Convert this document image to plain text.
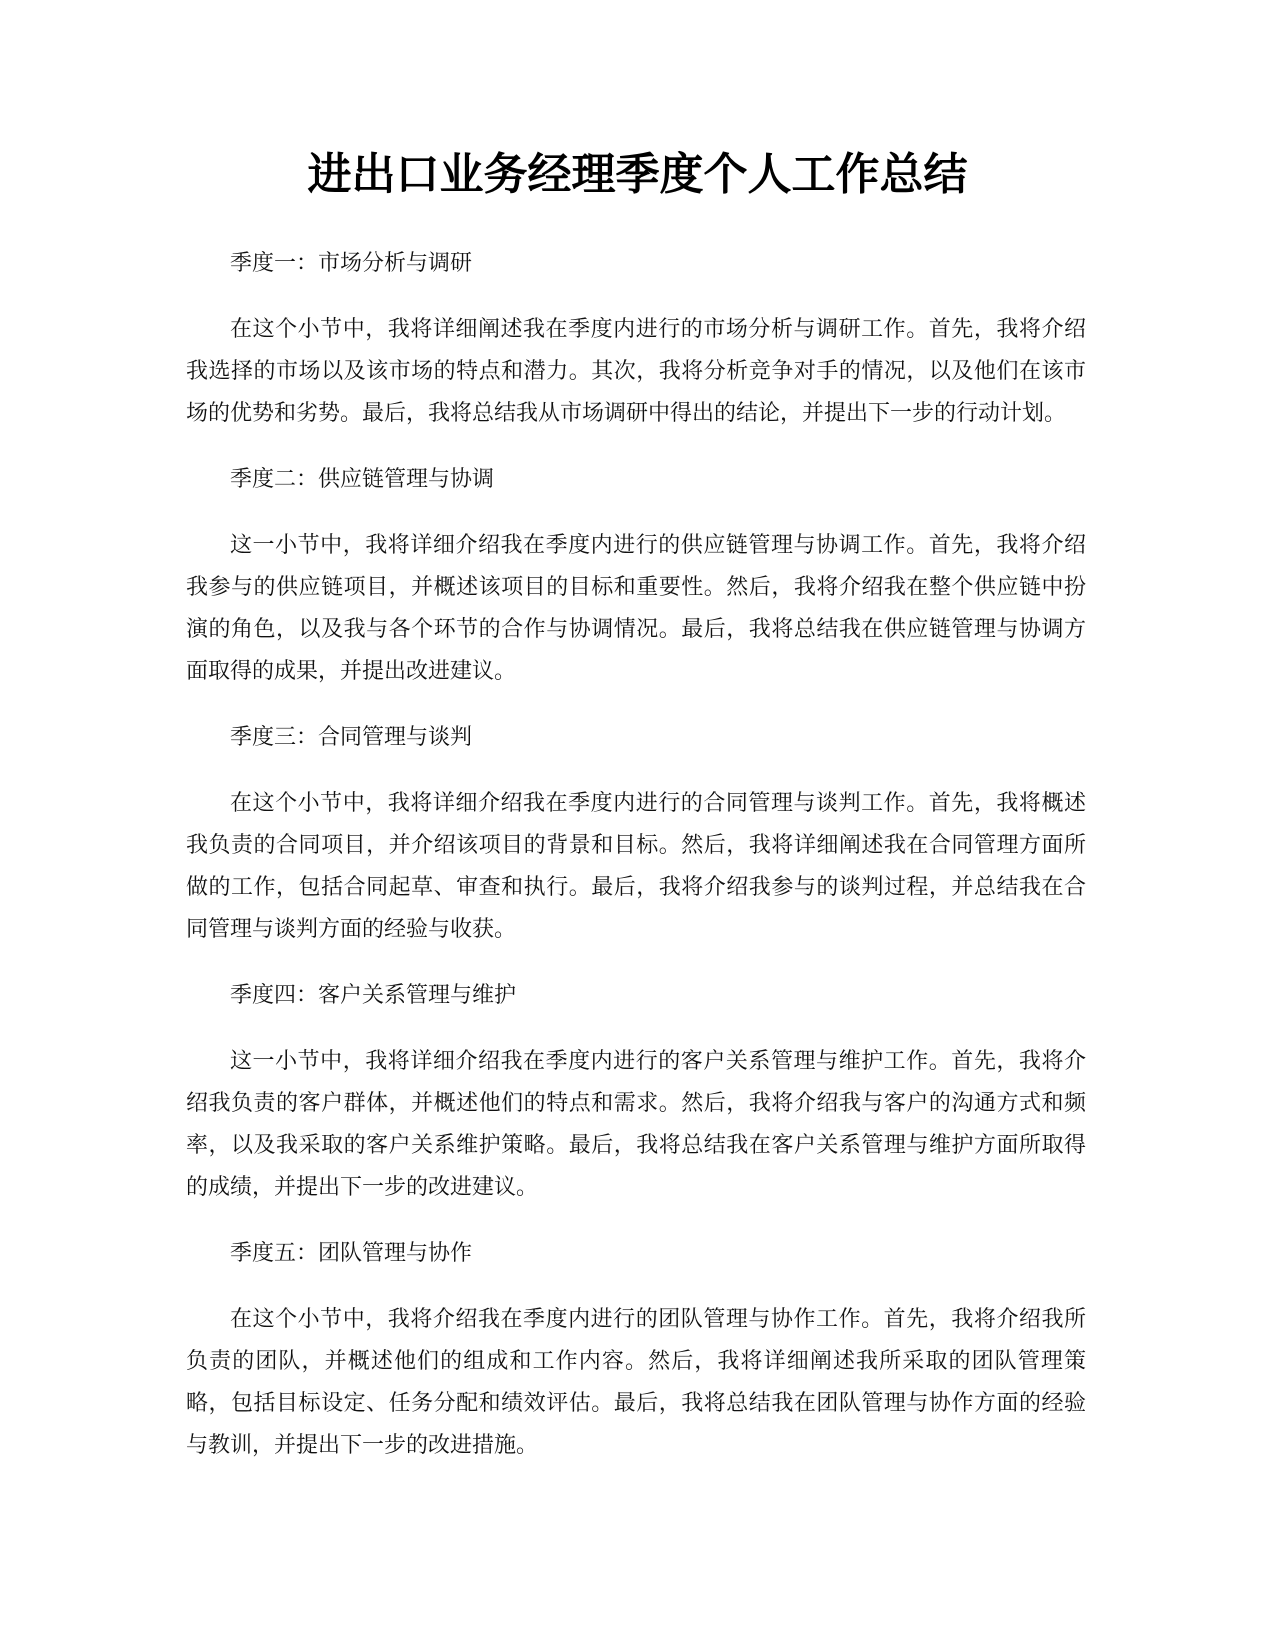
进出口业务经理季度个人工作总结

季度一：市场分析与调研

在这个小节中，我将详细阐述我在季度内进行的市场分析与调研工作。首先，我将介绍我选择的市场以及该市场的特点和潜力。其次，我将分析竞争对手的情况，以及他们在该市场的优势和劣势。最后，我将总结我从市场调研中得出的结论，并提出下一步的行动计划。

季度二：供应链管理与协调

这一小节中，我将详细介绍我在季度内进行的供应链管理与协调工作。首先，我将介绍我参与的供应链项目，并概述该项目的目标和重要性。然后，我将介绍我在整个供应链中扮演的角色，以及我与各个环节的合作与协调情况。最后，我将总结我在供应链管理与协调方面取得的成果，并提出改进建议。

季度三：合同管理与谈判

在这个小节中，我将详细介绍我在季度内进行的合同管理与谈判工作。首先，我将概述我负责的合同项目，并介绍该项目的背景和目标。然后，我将详细阐述我在合同管理方面所做的工作，包括合同起草、审查和执行。最后，我将介绍我参与的谈判过程，并总结我在合同管理与谈判方面的经验与收获。

季度四：客户关系管理与维护

这一小节中，我将详细介绍我在季度内进行的客户关系管理与维护工作。首先，我将介绍我负责的客户群体，并概述他们的特点和需求。然后，我将介绍我与客户的沟通方式和频率，以及我采取的客户关系维护策略。最后，我将总结我在客户关系管理与维护方面所取得的成绩，并提出下一步的改进建议。

季度五：团队管理与协作

在这个小节中，我将介绍我在季度内进行的团队管理与协作工作。首先，我将介绍我所负责的团队，并概述他们的组成和工作内容。然后，我将详细阐述我所采取的团队管理策略，包括目标设定、任务分配和绩效评估。最后，我将总结我在团队管理与协作方面的经验与教训，并提出下一步的改进措施。
